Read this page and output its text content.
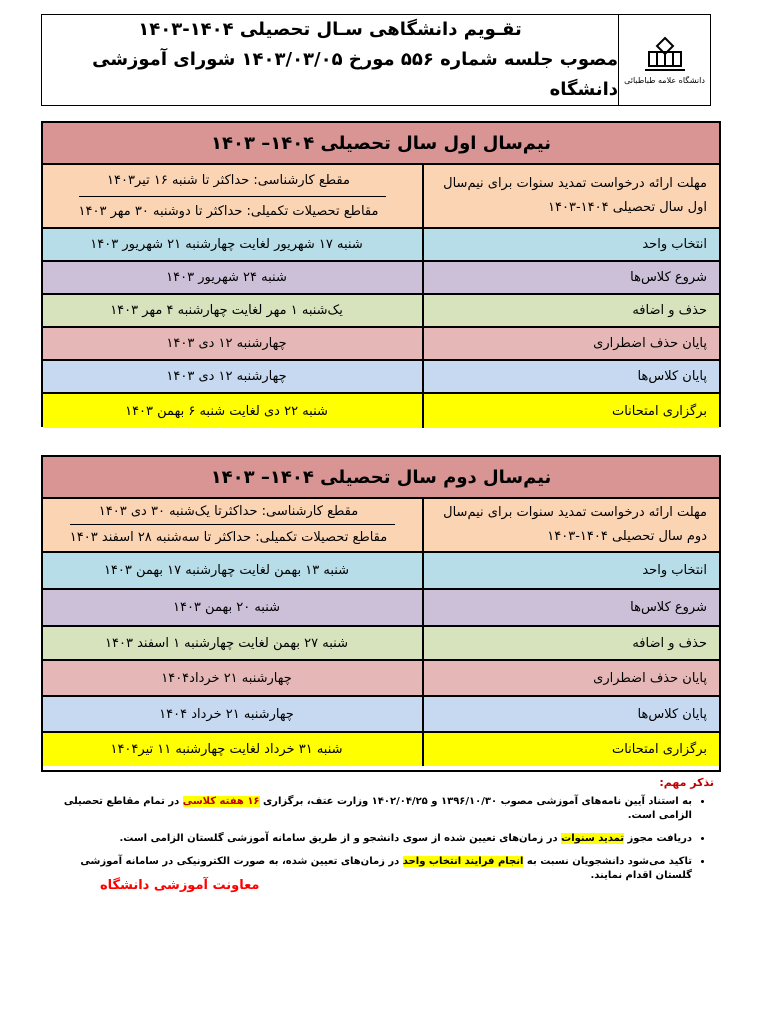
دانشگاه علامه طباطبائی
تقـویم دانشگاهی سـال تحصیلی ۱۴۰۴-۱۴۰۳
مصوب جلسه شماره ۵۵۶ مورخ ۱۴۰۳/۰۳/۰۵ شورای آموزشی دانشگاه
نیم‌سال اول سال تحصیلی ۱۴۰۴– ۱۴۰۳
مهلت ارائه درخواست تمدید سنوات برای نیم‌سال اول سال تحصیلی ۱۴۰۴-۱۴۰۳
مقطع کارشناسی: حداکثر تا شنبه ۱۶ تیر۱۴۰۳
مقاطع تحصیلات تکمیلی: حداکثر تا دوشنبه ۳۰ مهر ۱۴۰۳
انتخاب واحد
شنبه ۱۷ شهریور لغایت چهارشنبه ۲۱ شهریور ۱۴۰۳
شروع کلاس‌ها
شنبه ۲۴ شهریور ۱۴۰۳
حذف و اضافه
یک‌شنبه ۱ مهر لغایت چهارشنبه ۴ مهر ۱۴۰۳
پایان حذف اضطراری
چهارشنبه ۱۲ دی ۱۴۰۳
پایان کلاس‌ها
چهارشنبه ۱۲ دی ۱۴۰۳
برگزاری امتحانات
شنبه ۲۲ دی لغایت شنبه ۶ بهمن ۱۴۰۳
نیم‌سال دوم سال تحصیلی ۱۴۰۴– ۱۴۰۳
مهلت ارائه درخواست تمدید سنوات برای نیم‌سال دوم سال تحصیلی ۱۴۰۴-۱۴۰۳
مقطع کارشناسی: حداکثرتا یک‌شنبه ۳۰ دی ۱۴۰۳
مقاطع تحصیلات تکمیلی: حداکثر تا سه‌شنبه ۲۸ اسفند ۱۴۰۳
انتخاب واحد
شنبه ۱۳ بهمن لغایت چهارشنبه ۱۷ بهمن ۱۴۰۳
شروع کلاس‌ها
شنبه ۲۰ بهمن ۱۴۰۳
حذف و اضافه
شنبه ۲۷ بهمن لغایت چهارشنبه ۱ اسفند ۱۴۰۳
پایان حذف اضطراری
چهارشنبه ۲۱ خرداد۱۴۰۴
پایان کلاس‌ها
چهارشنبه ۲۱ خرداد ۱۴۰۴
برگزاری امتحانات
شنبه ۳۱ خرداد لغایت چهارشنبه ۱۱ تیر۱۴۰۴
تذکر مهم:
• به استناد آیین نامه‌های آموزشی مصوب ۱۳۹۶/۱۰/۳۰ و ۱۴۰۲/۰۴/۲۵ وزارت عتف، برگزاری ۱۶ هفته کلاسی در تمام مقاطع تحصیلی الزامی است.
• دریافت مجوز تمدید سنوات در زمان‌های تعیین شده از سوی دانشجو و از طریق سامانه آموزشی گلستان الزامی است.
• تاکید می‌شود دانشجویان نسبت به انجام فرایند انتخاب واحد در زمان‌های تعیین شده، به صورت الکترونیکی در سامانه آموزشی گلستان اقدام نمایند.
معاونت آموزشی دانشگاه
